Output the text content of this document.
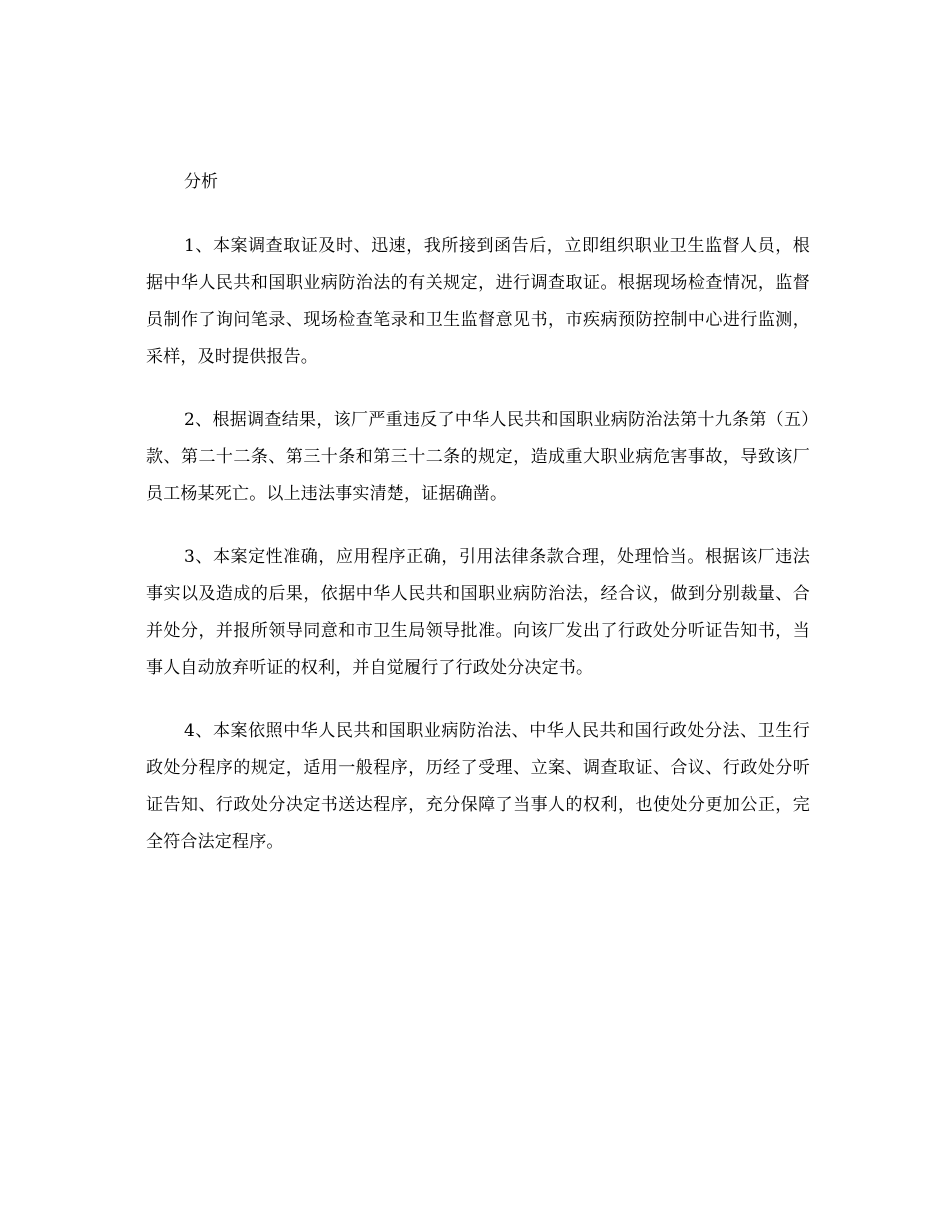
分析

1、本案调查取证及时、迅速，我所接到函告后，立即组织职业卫生监督人员，根据中华人民共和国职业病防治法的有关规定，进行调查取证。根据现场检查情况，监督员制作了询问笔录、现场检查笔录和卫生监督意见书，市疾病预防控制中心进行监测，采样，及时提供报告。

2、根据调查结果，该厂严重违反了中华人民共和国职业病防治法第十九条第（五）款、第二十二条、第三十条和第三十二条的规定，造成重大职业病危害事故，导致该厂员工杨某死亡。以上违法事实清楚，证据确凿。

3、本案定性准确，应用程序正确，引用法律条款合理，处理恰当。根据该厂违法事实以及造成的后果，依据中华人民共和国职业病防治法，经合议，做到分别裁量、合并处分，并报所领导同意和市卫生局领导批准。向该厂发出了行政处分听证告知书，当事人自动放弃听证的权利，并自觉履行了行政处分决定书。

4、本案依照中华人民共和国职业病防治法、中华人民共和国行政处分法、卫生行政处分程序的规定，适用一般程序，历经了受理、立案、调查取证、合议、行政处分听证告知、行政处分决定书送达程序，充分保障了当事人的权利，也使处分更加公正，完全符合法定程序。
